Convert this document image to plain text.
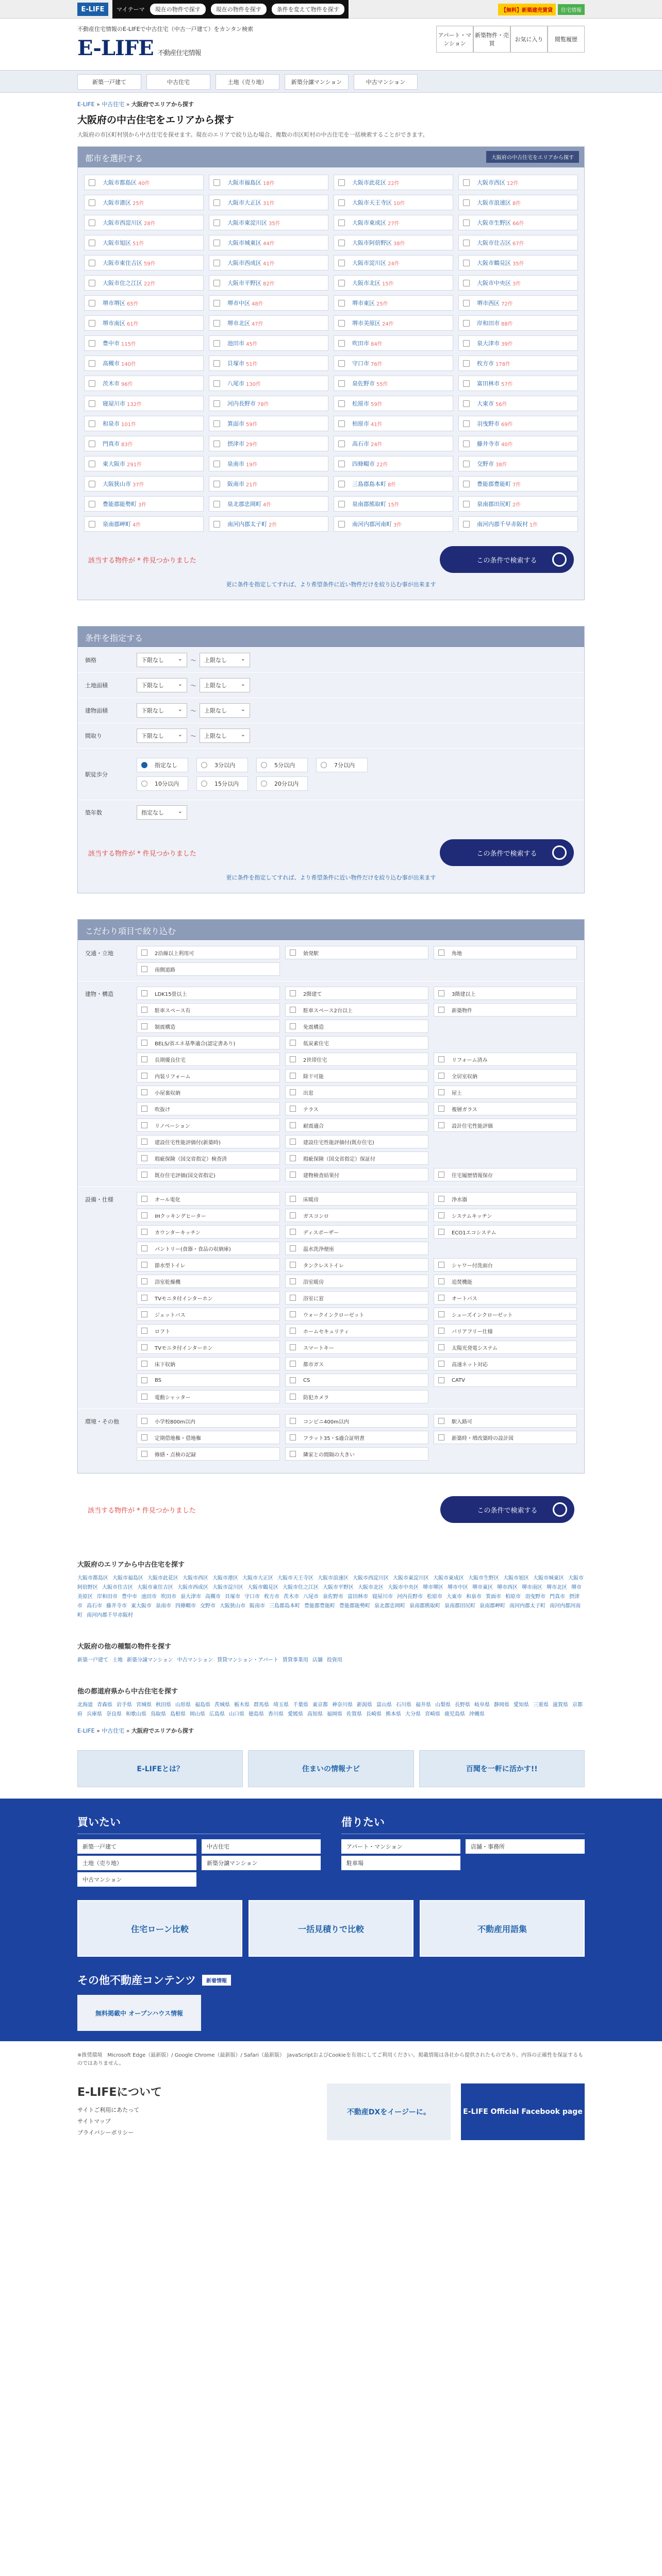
E-LIFE	マイテーマ	現在の物件で探す	現在の物件を探す	条件を変えて物件を探す	【無料】新築建売賃貸	住宅情報
不動産住宅情報のE-LIFEで中古住宅（中古一戸建て）をカンタン検索
E-LIFE 不動産住宅情報
アパート・マンション
新築物件・売買
お気に入り	閲覧履歴
新築一戸建て	中古住宅	土地（売り地）	新築分譲マンション	中古マンション
E-LIFE » 中古住宅 » 大阪府でエリアから探す
大阪府の中古住宅をエリアから探す

大阪府の市区町村別から中古住宅を探せます。現在のエリアで絞り込む場合、複数の市区町村の中古住宅を一括検索することができます。

都市を選択する	大阪府の中古住宅をエリアから探す
大阪市都島区 40件	大阪市福島区 18件	大阪市此花区 22件	大阪市西区 12件
大阪市港区 25件	大阪市大正区 31件	大阪市天王寺区 10件	大阪市浪速区 8件
大阪市西淀川区 28件	大阪市東淀川区 35件	大阪市東成区 27件	大阪市生野区 66件
大阪市旭区 51件	大阪市城東区 44件	大阪市阿倍野区 38件	大阪市住吉区 67件
大阪市東住吉区 59件	大阪市西成区 41件	大阪市淀川区 24件	大阪市鶴見区 35件
大阪市住之江区 22件	大阪市平野区 82件	大阪市北区 15件	大阪市中央区 3件
堺市堺区 65件	堺市中区 48件	堺市東区 25件	堺市西区 72件
堺市南区 61件	堺市北区 47件	堺市美原区 24件	岸和田市 88件
豊中市 115件	池田市 45件	吹田市 84件	泉大津市 39件
高槻市 140件	貝塚市 51件	守口市 76件	枚方市 178件
茨木市 96件	八尾市 130件	泉佐野市 55件	富田林市 57件
寝屋川市 132件	河内長野市 78件	松原市 59件	大東市 56件
和泉市 101件	箕面市 59件	柏原市 41件	羽曳野市 69件
門真市 83件	摂津市 29件	高石市 24件	藤井寺市 40件
東大阪市 291件	泉南市 19件	四條畷市 22件	交野市 38件
大阪狭山市 37件	阪南市 21件	三島郡島本町 8件	豊能郡豊能町 7件
豊能郡能勢町 3件	泉北郡忠岡町 4件	泉南郡熊取町 15件	泉南郡田尻町 2件
泉南郡岬町 4件	南河内郡太子町 2件	南河内郡河南町 3件	南河内郡千早赤阪村 1件
該当する物件が * 件見つかりました	この条件で検索する
更に条件を指定してすれば、より希望条件に近い物件だけを絞り込む事が出来ます
条件を指定する
価格	下限なし ⌄	〜	上限なし ⌄
土地面積	下限なし ⌄	〜	上限なし ⌄
建物面積	下限なし ⌄	〜	上限なし ⌄
間取り	下限なし ⌄	〜	上限なし ⌄
駅徒歩分
指定なし	3分以内	5分以内	7分以内
10分以内	15分以内	20分以内
築年数	指定なし ⌄
該当する物件が * 件見つかりました	この条件で検索する
更に条件を指定してすれば、より希望条件に近い物件だけを絞り込む事が出来ます
こだわり項目で絞り込む
交通・立地	2沿線以上利用可	始発駅	角地
南側道路
建物・構造	LDK15畳以上	2階建て	3階建以上
駐車スペース有	駐車スペース2台以上	新築物件
制震構造	免震構造
BELS/省エネ基準適合(認定書あり)	低炭素住宅
長期優良住宅	2世帯住宅	リフォーム済み
内装リフォーム	除干可能	全居室収納
小屋裏収納	出窓	屋上
吹抜け	テラス	複層ガラス
リノベーション	耐震適合	設計住宅性能評価
建設住宅性能評価付(新築時)	建設住宅性能評価付(既存住宅)
瑕疵保険（国交省指定）検査済	瑕疵保険（国交省指定）保証付
既存住宅評価(国交省指定)	建物検査結果付	住宅履歴情報保存
設備・仕様	オール電化	床暖房	浄水器
IHクッキングヒーター	ガスコンロ	システムキッチン
カウンターキッチン	ディスポーザー	ECO1エコシステム
パントリー(食器・食品の収納庫)	温水洗浄便座
節水型トイレ	タンクレストイレ	シャワー付洗面台
浴室乾燥機	浴室暖房	追焚機能
TVモニタ付インターホン	浴室に窓	オートバス
ジェットバス	ウォークインクローゼット	シューズインクローゼット
ロフト	ホームセキュリティ	バリアフリー仕様
TVモニタ付インターホン	スマートキー	太陽光発電システム
床下収納	都市ガス	高速ネット対応
BS	CS	CATV
電動シャッター	防犯カメラ
環境・その他	小学校800m以内	コンビニ400m以内	駅入路可
定期借地権・借地権	フラット35・S適合証明書	新築時・増改築時の設計図
修繕・点検の記録	隣家との間隔の大きい
該当する物件が * 件見つかりました	この条件で検索する
大阪府のエリアから中古住宅を探す
大阪市都島区 大阪市福島区 大阪市此花区 大阪市西区 大阪市港区 大阪市大正区 大阪市天王寺区 大阪市浪速区 大阪市西淀川区 大阪市東淀川区 大阪市東成区 大阪市生野区 大阪市旭区 大阪市城東区 大阪市阿倍野区 大阪市住吉区 大阪市東住吉区 大阪市西成区 大阪市淀川区 大阪市鶴見区 大阪市住之江区 大阪市平野区 大阪市北区 大阪市中央区 堺市堺区 堺市中区 堺市東区 堺市西区 堺市南区 堺市北区 堺市美原区 岸和田市 豊中市 池田市 吹田市 泉大津市 高槻市 貝塚市 守口市 枚方市 茨木市 八尾市 泉佐野市 富田林市 寝屋川市 河内長野市 松原市 大東市 和泉市 箕面市 柏原市 羽曳野市 門真市 摂津市 高石市 藤井寺市 東大阪市 泉南市 四條畷市 交野市 大阪狭山市 阪南市 三島郡島本町 豊能郡豊能町 豊能郡能勢町 泉北郡忠岡町 泉南郡熊取町 泉南郡田尻町 泉南郡岬町 南河内郡太子町 南河内郡河南町 南河内郡千早赤阪村
大阪府の他の種類の物件を探す
新築一戸建て 土地 新築分譲マンション 中古マンション 賃貸マンション・アパート 賃貸事業用 店舗 投資用
他の都道府県から中古住宅を探す
北海道 青森県 岩手県 宮城県 秋田県 山形県 福島県 茨城県 栃木県 群馬県 埼玉県 千葉県 東京都 神奈川県 新潟県 富山県 石川県 福井県 山梨県 長野県 岐阜県 静岡県 愛知県 三重県 滋賀県 京都府 兵庫県 奈良県 和歌山県 鳥取県 島根県 岡山県 広島県 山口県 徳島県 香川県 愛媛県 高知県 福岡県 佐賀県 長崎県 熊本県 大分県 宮崎県 鹿児島県 沖縄県
E-LIFE » 中古住宅 » 大阪府でエリアから探す
E-LIFEとは？	住まいの情報ナビ	百聞を一軒に活かす!!
買いたい
新築一戸建て	中古住宅
土地（売り地）	新築分譲マンション
中古マンション
借りたい
アパート・マンション	店舗・事務所
駐車場
住宅ローン比較	一括見積りで比較	不動産用語集
その他不動産コンテンツ	新着情報
無料掲載中 オープンハウス情報
※推奨環境　Microsoft Edge（最新版）/ Google Chrome（最新版）/ Safari（最新版）　JavaScriptおよびCookieを有効にしてご利用ください。掲載情報は各社から提供されたものであり、内容の正確性を保証するものではありません。
E-LIFEについて
サイトご利用にあたって
サイトマップ
プライバシーポリシー
不動産DXをイージーに。	E-LIFE Official Facebook page
